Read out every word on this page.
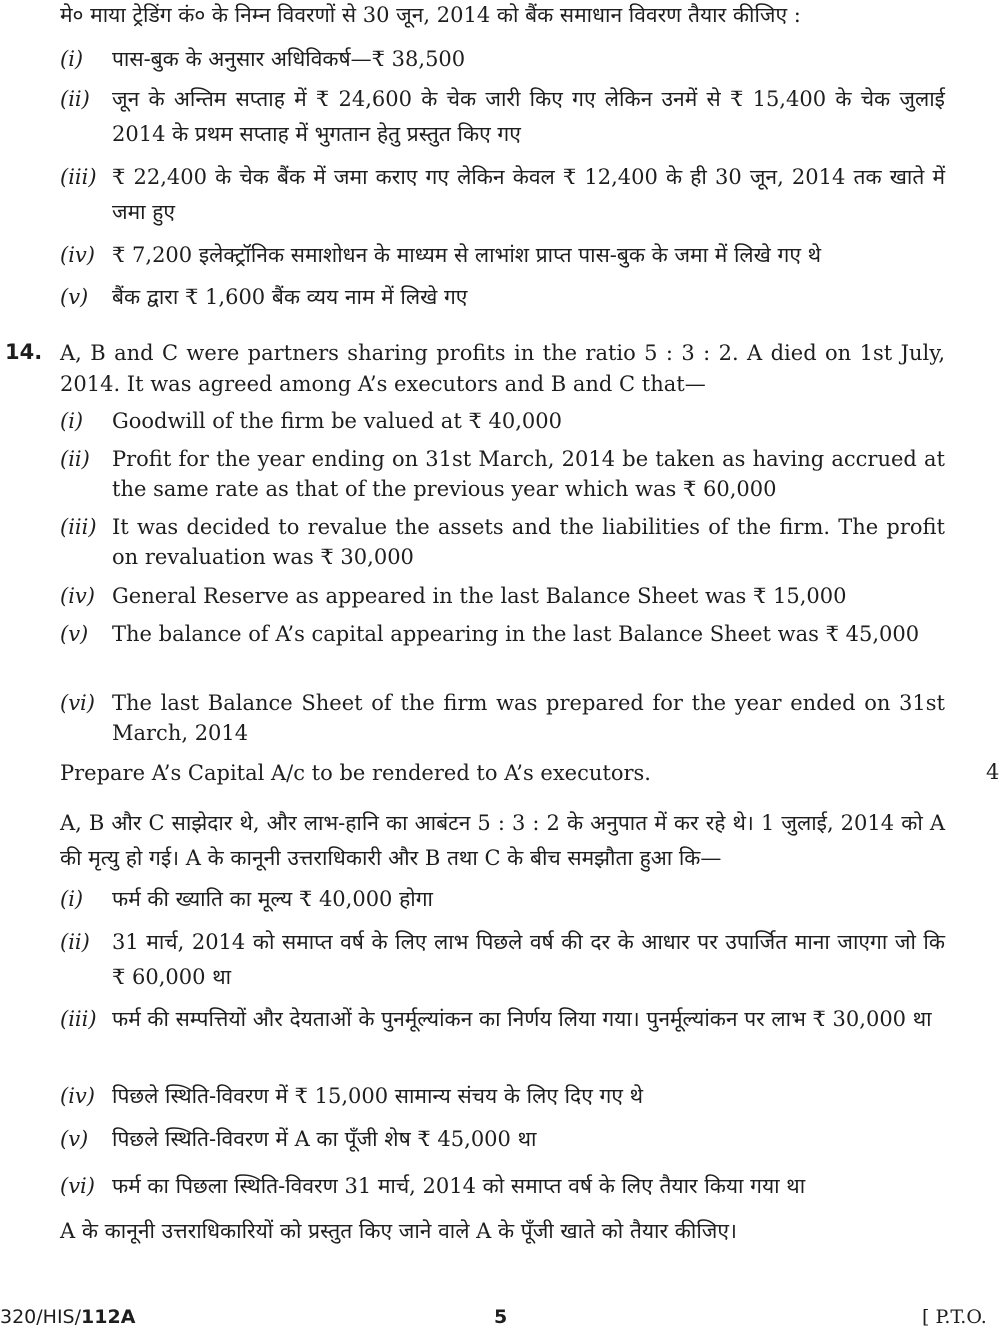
मे० माया ट्रेडिंग कं० के निम्न विवरणों से 30 जून, 2014 को बैंक समाधान विवरण तैयार कीजिए :
(i)	पास-बुक के अनुसार अधिविकर्ष—₹ 38,500
(ii)	जून के अन्तिम सप्ताह में ₹ 24,600 के चेक जारी किए गए लेकिन उनमें से ₹ 15,400 के चेक जुलाई 2014 के प्रथम सप्ताह में भुगतान हेतु प्रस्तुत किए गए
(iii) ₹ 22,400 के चेक बैंक में जमा कराए गए लेकिन केवल ₹ 12,400 के ही 30 जून, 2014 तक खाते में जमा हुए
(iv) ₹ 7,200 इलेक्ट्रॉनिक समाशोधन के माध्यम से लाभांश प्राप्त पास-बुक के जमा में लिखे गए थे
(v)	बैंक द्वारा ₹ 1,600 बैंक व्यय नाम में लिखे गए
14. A, B and C were partners sharing profits in the ratio 5 : 3 : 2. A died on 1st July, 2014. It was agreed among A’s executors and B and C that—
(i)	Goodwill of the firm be valued at ₹ 40,000
(ii)	Profit for the year ending on 31st March, 2014 be taken as having accrued at the same rate as that of the previous year which was ₹ 60,000
(iii) It was decided to revalue the assets and the liabilities of the firm. The profit on revaluation was ₹ 30,000
(iv) General Reserve as appeared in the last Balance Sheet was ₹ 15,000
(v)	The balance of A’s capital appearing in the last Balance Sheet was ₹ 45,000
(vi) The last Balance Sheet of the firm was prepared for the year ended on 31st March, 2014
Prepare A’s Capital A/c to be rendered to A’s executors.	4
A, B और C साझेदार थे, और लाभ-हानि का आबंटन 5 : 3 : 2 के अनुपात में कर रहे थे। 1 जुलाई, 2014 को A की मृत्यु हो गई। A के कानूनी उत्तराधिकारी और B तथा C के बीच समझौता हुआ कि—
(i)	फर्म की ख्याति का मूल्य ₹ 40,000 होगा
(ii)	31 मार्च, 2014 को समाप्त वर्ष के लिए लाभ पिछले वर्ष की दर के आधार पर उपार्जित माना जाएगा जो कि ₹ 60,000 था
(iii) फर्म की सम्पत्तियों और देयताओं के पुनर्मूल्यांकन का निर्णय लिया गया। पुनर्मूल्यांकन पर लाभ ₹ 30,000 था
(iv) पिछले स्थिति-विवरण में ₹ 15,000 सामान्य संचय के लिए दिए गए थे
(v)	पिछले स्थिति-विवरण में A का पूँजी शेष ₹ 45,000 था
(vi) फर्म का पिछला स्थिति-विवरण 31 मार्च, 2014 को समाप्त वर्ष के लिए तैयार किया गया था
A के कानूनी उत्तराधिकारियों को प्रस्तुत किए जाने वाले A के पूँजी खाते को तैयार कीजिए।
320/HIS/112A	5	[ P.T.O.
